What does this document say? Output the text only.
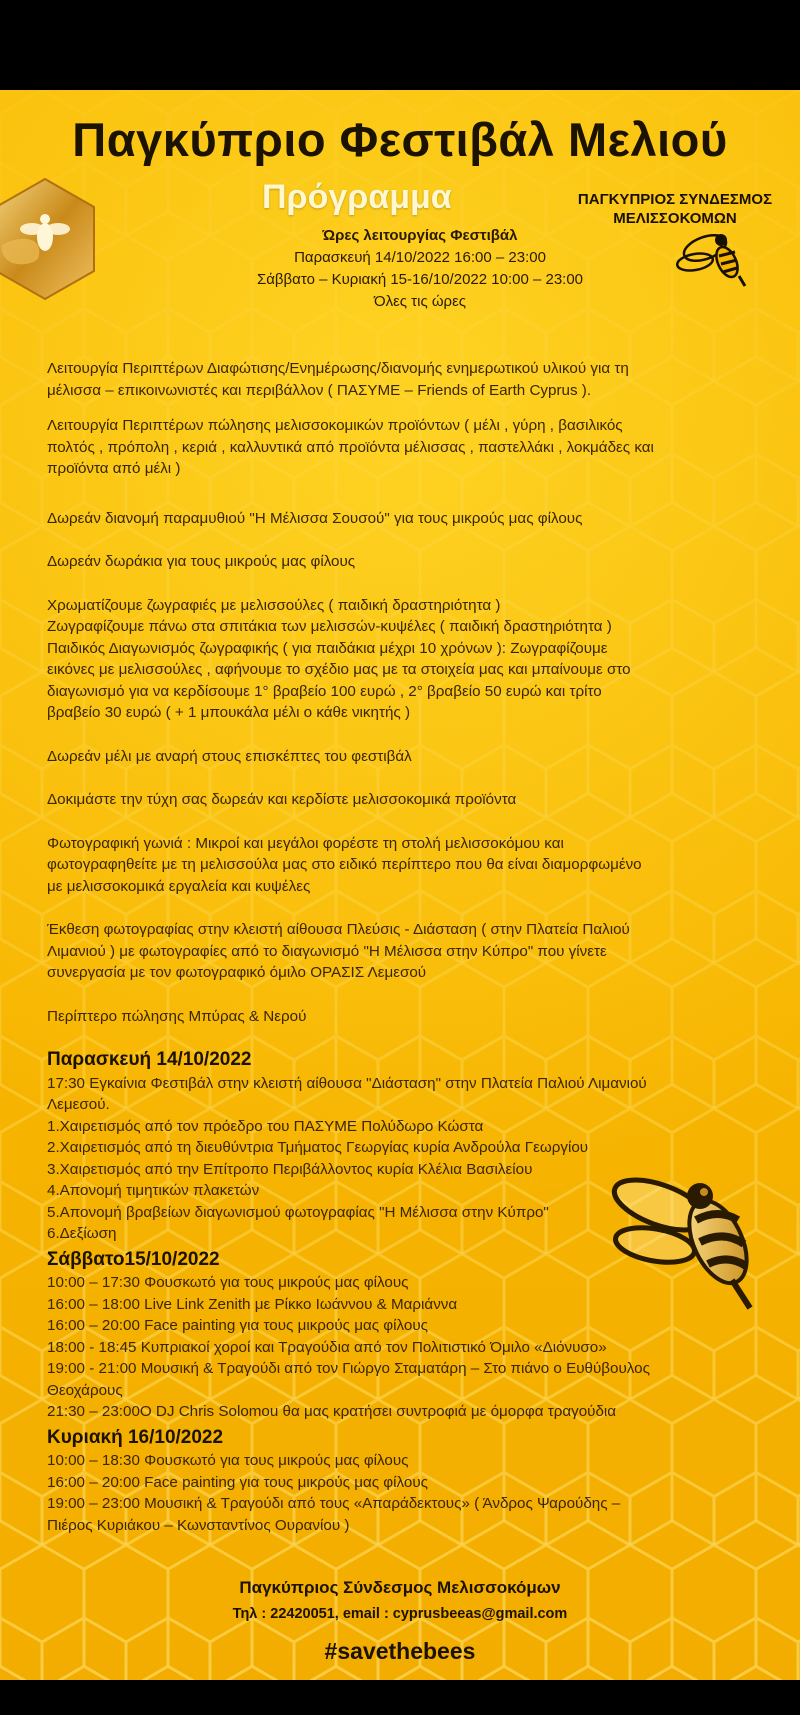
Παγκύπριο Φεστιβάλ Μελιού
Πρόγραμμα	ΠΑΓΚΥΠΡΙΟΣ ΣΥΝΔΕΣΜΟΣ
ΜΕΛΙΣΣΟΚΟΜΩΝ
Ώρες λειτουργίας Φεστιβάλ
Παρασκευή 14/10/2022 16:00 – 23:00
Σάββατο – Κυριακή 15-16/10/2022 10:00 – 23:00
Όλες τις ώρες

Λειτουργία Περιπτέρων Διαφώτισης/Ενημέρωσης/διανομής ενημερωτικού υλικού για τη
μέλισσα – επικοινωνιστές και περιβάλλον ( ΠΑΣΥΜΕ – Friends of Earth Cyprus ).

Λειτουργία Περιπτέρων πώλησης μελισσοκομικών προϊόντων ( μέλι , γύρη , βασιλικός
πολτός , πρόπολη , κεριά , καλλυντικά από προϊόντα μέλισσας , παστελλάκι , λοκμάδες και
προϊόντα από μέλι )

Δωρεάν διανομή παραμυθιού "Η Μέλισσα Σουσού" για τους μικρούς μας φίλους

Δωρεάν δωράκια για τους μικρούς μας φίλους

Χρωματίζουμε ζωγραφιές με μελισσούλες ( παιδική δραστηριότητα )
Ζωγραφίζουμε πάνω στα σπιτάκια των μελισσών-κυψέλες ( παιδική δραστηριότητα )
Παιδικός Διαγωνισμός ζωγραφικής ( για παιδάκια μέχρι 10 χρόνων ): Ζωγραφίζουμε
εικόνες με μελισσούλες , αφήνουμε το σχέδιο μας με τα στοιχεία μας και μπαίνουμε στο
διαγωνισμό για να κερδίσουμε 1° βραβείο 100 ευρώ , 2° βραβείο 50 ευρώ και τρίτο
βραβείο 30 ευρώ ( + 1 μπουκάλα μέλι ο κάθε νικητής )

Δωρεάν μέλι με αναρή στους επισκέπτες του φεστιβάλ

Δοκιμάστε την τύχη σας δωρεάν και κερδίστε μελισσοκομικά προϊόντα

Φωτογραφική γωνιά : Μικροί και μεγάλοι φορέστε τη στολή μελισσοκόμου και
φωτογραφηθείτε με τη μελισσούλα μας στο ειδικό περίπτερο που θα είναι διαμορφωμένο
με μελισσοκομικά εργαλεία και κυψέλες

Έκθεση φωτογραφίας στην κλειστή αίθουσα Πλεύσις - Διάσταση ( στην Πλατεία Παλιού
Λιμανιού ) με φωτογραφίες από το διαγωνισμό "Η Μέλισσα στην Κύπρο" που γίνετε
συνεργασία με τον φωτογραφικό όμιλο ΟΡΑΣΙΣ Λεμεσού

Περίπτερο πώλησης Μπύρας & Νερού

Παρασκευή 14/10/2022
17:30 Εγκαίνια Φεστιβάλ στην κλειστή αίθουσα "Διάσταση" στην Πλατεία Παλιού Λιμανιού
Λεμεσού.
1.Χαιρετισμός από τον πρόεδρο του ΠΑΣΥΜΕ Πολύδωρο Κώστα
2.Χαιρετισμός από τη διευθύντρια Τμήματος Γεωργίας κυρία Ανδρούλα Γεωργίου
3.Χαιρετισμός από την Επίτροπο Περιβάλλοντος κυρία Κλέλια Βασιλείου
4.Απονομή τιμητικών πλακετών
5.Απονομή βραβείων διαγωνισμού φωτογραφίας "Η Μέλισσα στην Κύπρο"
6.Δεξίωση
Σάββατο15/10/2022
10:00 – 17:30 Φουσκωτό για τους μικρούς μας φίλους
16:00 – 18:00 Live Link Zenith με Ρίκκο Ιωάννου & Μαριάννα
16:00 – 20:00 Face painting για τους μικρούς μας φίλους
18:00 - 18:45 Κυπριακοί χοροί και Τραγούδια από τον Πολιτιστικό Όμιλο «Διόνυσο»
19:00 - 21:00 Μουσική & Τραγούδι από τον Γιώργο Σταματάρη – Στο πιάνο ο Ευθύβουλος
Θεοχάρους
21:30 – 23:00O DJ Chris Solomou θα μας κρατήσει συντροφιά με όμορφα τραγούδια
Κυριακή 16/10/2022
10:00 – 18:30 Φουσκωτό για τους μικρούς μας φίλους
16:00 – 20:00 Face painting για τους μικρούς μας φίλους
19:00 – 23:00 Μουσική & Τραγούδι από τους «Απαράδεκτους» ( Άνδρος Ψαρούδης –
Πιέρος Κυριάκου – Κωνσταντίνος Ουρανίου )
Παγκύπριος Σύνδεσμος Μελισσοκόμων
Τηλ : 22420051, email : cyprusbeeas@gmail.com
#savethebees
